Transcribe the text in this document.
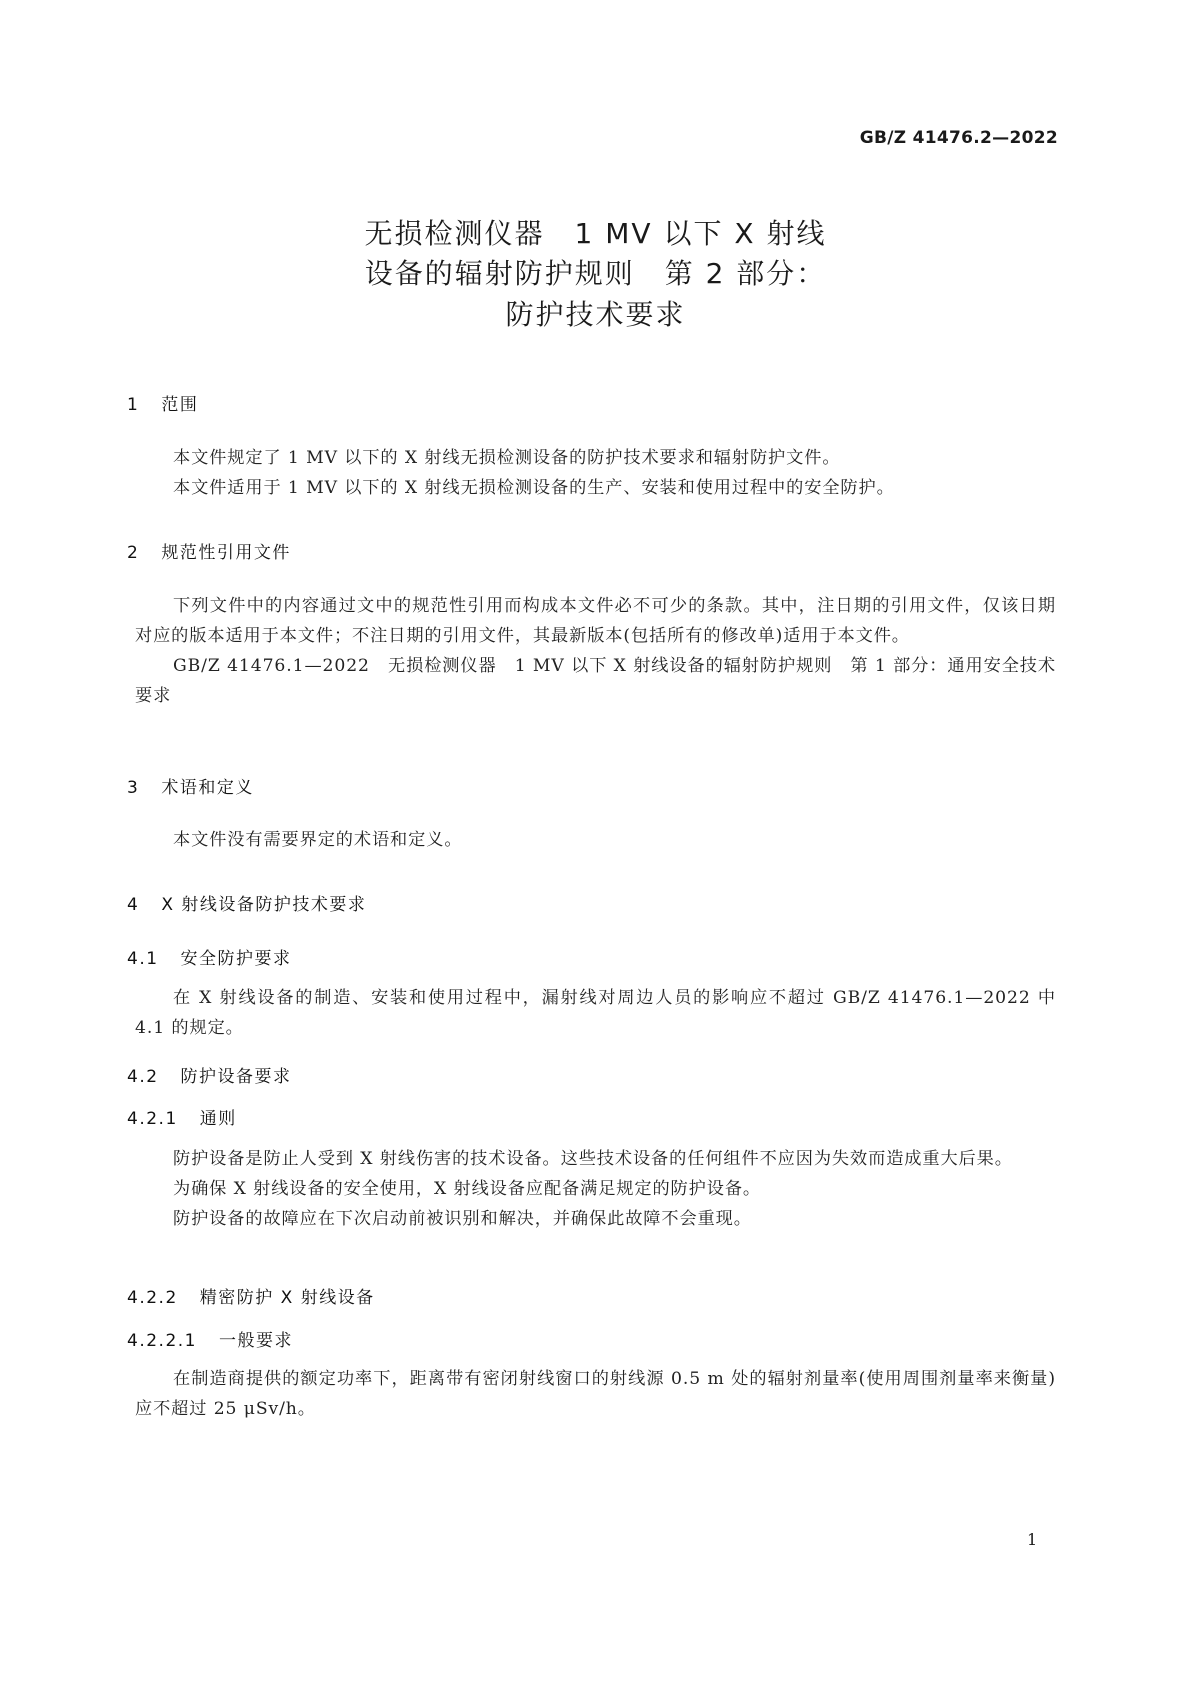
GB/Z 41476.2—2022
无损检测仪器　1 MV 以下 X 射线
设备的辐射防护规则　第 2 部分：
防护技术要求
1 范围

本文件规定了 1 MV 以下的 X 射线无损检测设备的防护技术要求和辐射防护文件。

本文件适用于 1 MV 以下的 X 射线无损检测设备的生产、安装和使用过程中的安全防护。

2 规范性引用文件

下列文件中的内容通过文中的规范性引用而构成本文件必不可少的条款。其中，注日期的引用文件，仅该日期对应的版本适用于本文件；不注日期的引用文件，其最新版本(包括所有的修改单)适用于本文件。

GB/Z 41476.1—2022　无损检测仪器　1 MV 以下 X 射线设备的辐射防护规则　第 1 部分：通用安全技术要求

3 术语和定义

本文件没有需要界定的术语和定义。

4 X 射线设备防护技术要求
4.1 安全防护要求

在 X 射线设备的制造、安装和使用过程中，漏射线对周边人员的影响应不超过 GB/Z 41476.1—2022 中 4.1 的规定。

4.2 防护设备要求
4.2.1 通则

防护设备是防止人受到 X 射线伤害的技术设备。这些技术设备的任何组件不应因为失效而造成重大后果。

为确保 X 射线设备的安全使用，X 射线设备应配备满足规定的防护设备。

防护设备的故障应在下次启动前被识别和解决，并确保此故障不会重现。

4.2.2 精密防护 X 射线设备
4.2.2.1 一般要求

在制造商提供的额定功率下，距离带有密闭射线窗口的射线源 0.5 m 处的辐射剂量率(使用周围剂量率来衡量)应不超过 25 μSv/h。

1
